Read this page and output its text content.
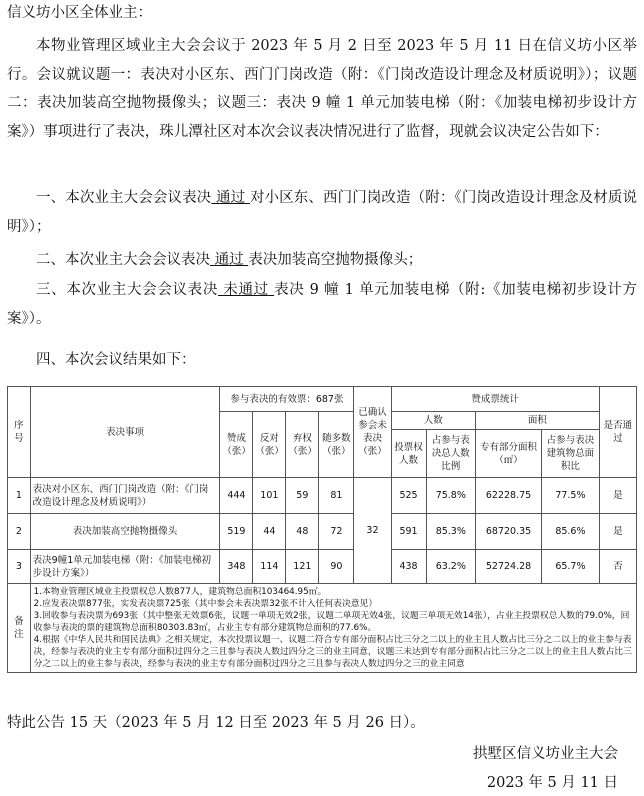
信义坊小区全体业主：
本物业管理区域业主大会会议于 2023 年 5 月 2 日至 2023 年 5 月 11 日在信义坊小区举行。会议就议题一：表决对小区东、西门门岗改造（附：《门岗改造设计理念及材质说明》）；议题二：表决加装高空抛物摄像头；议题三：表决 9 幢 1 单元加装电梯（附：《加装电梯初步设计方案》）事项进行了表决，珠儿潭社区对本次会议表决情况进行了监督，现就会议决定公告如下：
一、本次业主大会会议表决 通过 对小区东、西门门岗改造（附：《门岗改造设计理念及材质说明》）；
二、本次业主大会会议表决 通过 表决加装高空抛物摄像头；
三、本次业主大会会议表决 未通过 表决 9 幢 1 单元加装电梯（附:《加装电梯初步设计方案》）。
四、本次会议结果如下：
序号	表决事项	参与表决的有效票：687张				已确认参会未表决（张）	赞成票统计				是否通过
		赞成（张）	反对（张）	弃权（张）	随多数（张）		人数		面积		
							投票权人数	占参与表决总人数比例	专有部分面积（㎡）	占参与表决建筑物总面积比	
1	表决对小区东、西门门岗改造（附：《门岗改造设计理念及材质说明》）	444	101	59	81	32	525	75.8%	62228.75	77.5%	是
2	表决加装高空抛物摄像头	519	44	48	72		591	85.3%	68720.35	85.6%	是
3	表决9幢1单元加装电梯（附：《加装电梯初步设计方案》）	348	114	121	90		438	63.2%	52724.28	65.7%	否
备注	1.本物业管理区域业主投票权总人数877人，建筑物总面积103464.95㎡。
2.应发表决票877张，实发表决票725张（其中参会未表决票32张不计入任何表决意见）
3.回收参与表决票为693张（其中整张无效票6张，议题一单项无效2张，议题二单项无效4张，议题三单项无效14张），占业主投票权总人数的79.0%，回收参与表决的票的建筑物总面积80303.83㎡，占业主专有部分建筑物总面积的77.6%。
4.根据《中华人民共和国民法典》之相关规定，本次投票议题一、议题二符合专有部分面积占比三分之二以上的业主且人数占比三分之二以上的业主参与表决，经参与表决的业主专有部分面积过四分之三且参与表决人数过四分之三的业主同意，议题三未达到专有部分面积占比三分之二以上的业主且人数占比三分之二以上的业主参与表决，经参与表决的业主专有部分面积过四分之三且参与表决人数过四分之三的业主同意										
特此公告 15 天（2023 年 5 月 12 日至 2023 年 5 月 26 日）。
拱墅区信义坊业主大会
2023 年 5 月 11 日
